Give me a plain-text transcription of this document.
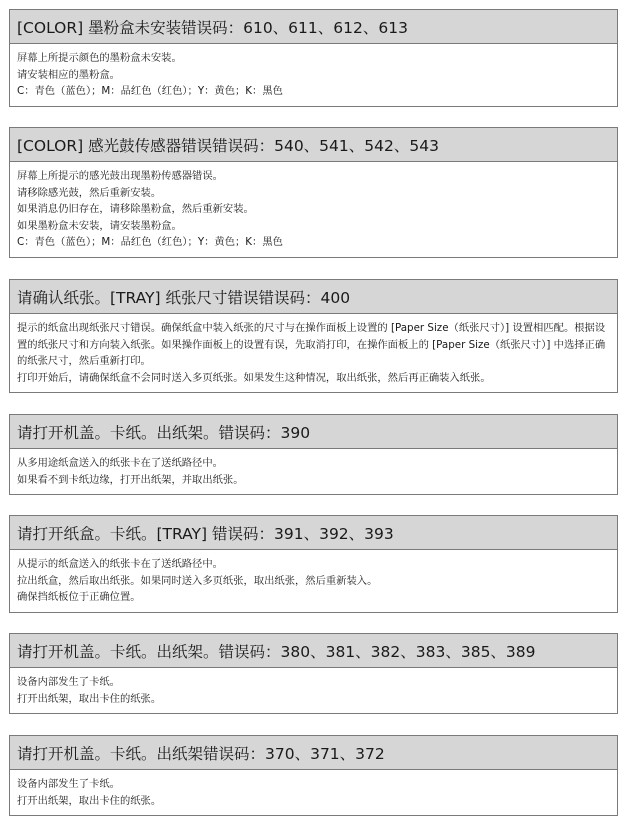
[COLOR] 墨粉盒未安装错误码：610、611、612、613
屏幕上所提示颜色的墨粉盒未安装。
请安装相应的墨粉盒。
C：青色（蓝色）；M：品红色（红色）；Y：黄色；K：黑色
[COLOR] 感光鼓传感器错误错误码：540、541、542、543
屏幕上所提示的感光鼓出现墨粉传感器错误。
请移除感光鼓，然后重新安装。
如果消息仍旧存在，请移除墨粉盒，然后重新安装。
如果墨粉盒未安装，请安装墨粉盒。
C：青色（蓝色）；M：品红色（红色）；Y：黄色；K：黑色
请确认纸张。[TRAY] 纸张尺寸错误错误码：400
提示的纸盒出现纸张尺寸错误。确保纸盒中装入纸张的尺寸与在操作面板上设置的 [Paper Size（纸张尺寸）] 设置相匹配。根据设置的纸张尺寸和方向装入纸张。如果操作面板上的设置有误，先取消打印，在操作面板上的 [Paper Size（纸张尺寸）] 中选择正确的纸张尺寸，然后重新打印。
打印开始后，请确保纸盒不会同时送入多页纸张。如果发生这种情况，取出纸张，然后再正确装入纸张。
请打开机盖。卡纸。出纸架。错误码：390
从多用途纸盒送入的纸张卡在了送纸路径中。
如果看不到卡纸边缘，打开出纸架，并取出纸张。
请打开纸盒。卡纸。[TRAY] 错误码：391、392、393
从提示的纸盒送入的纸张卡在了送纸路径中。
拉出纸盒，然后取出纸张。如果同时送入多页纸张，取出纸张，然后重新装入。
确保挡纸板位于正确位置。
请打开机盖。卡纸。出纸架。错误码：380、381、382、383、385、389
设备内部发生了卡纸。
打开出纸架，取出卡住的纸张。
请打开机盖。卡纸。出纸架错误码：370、371、372
设备内部发生了卡纸。
打开出纸架，取出卡住的纸张。
